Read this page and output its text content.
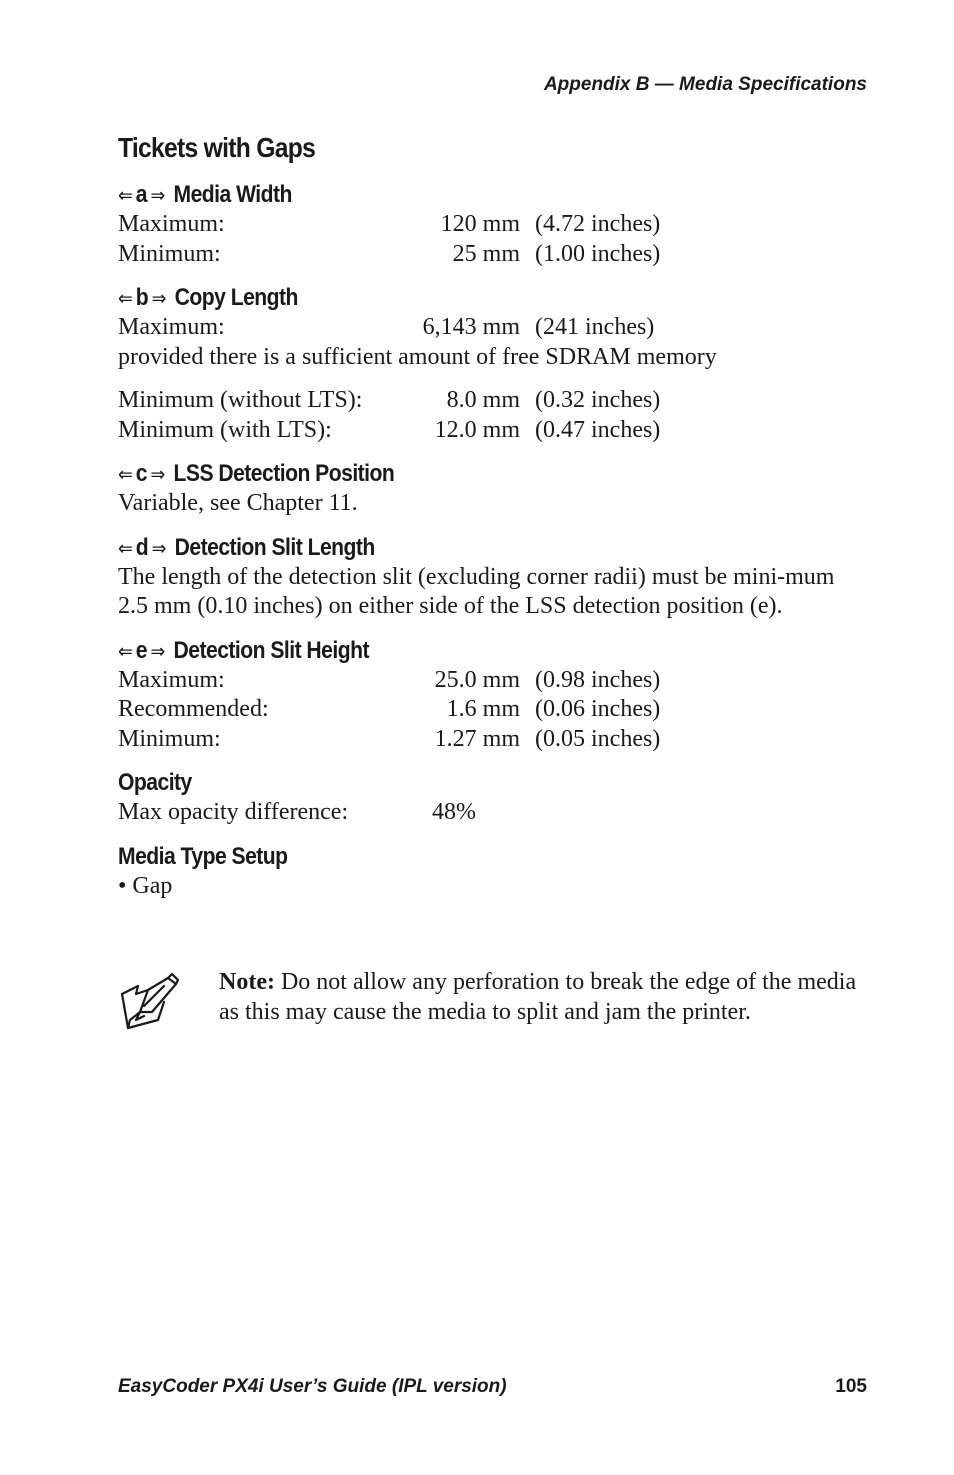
Appendix B — Media Specifications
Tickets with Gaps
⇐ a ⇒ Media Width
Maximum:	120 mm (4.72 inches)
Minimum:	25 mm (1.00 inches)
⇐ b ⇒ Copy Length
Maximum:	6,143 mm (241 inches)
provided there is a sufficient amount of free SDRAM memory
Minimum (without LTS):	8.0 mm (0.32 inches)
Minimum (with LTS):	12.0 mm (0.47 inches)
⇐ c ⇒ LSS Detection Position
Variable, see Chapter 11.
⇐ d ⇒ Detection Slit Length
The length of the detection slit (excluding corner radii) must be mini-mum 2.5 mm (0.10 inches) on either side of the LSS detection position (e).
⇐ e ⇒ Detection Slit Height
Maximum:	25.0 mm (0.98 inches)
Recommended:	1.6 mm (0.06 inches)
Minimum:	1.27 mm (0.05 inches)
Opacity
Max opacity difference:	48%
Media Type Setup
• Gap
Note: Do not allow any perforation to break the edge of the media as this may cause the media to split and jam the printer.
EasyCoder PX4i User’s Guide (IPL version)	105
